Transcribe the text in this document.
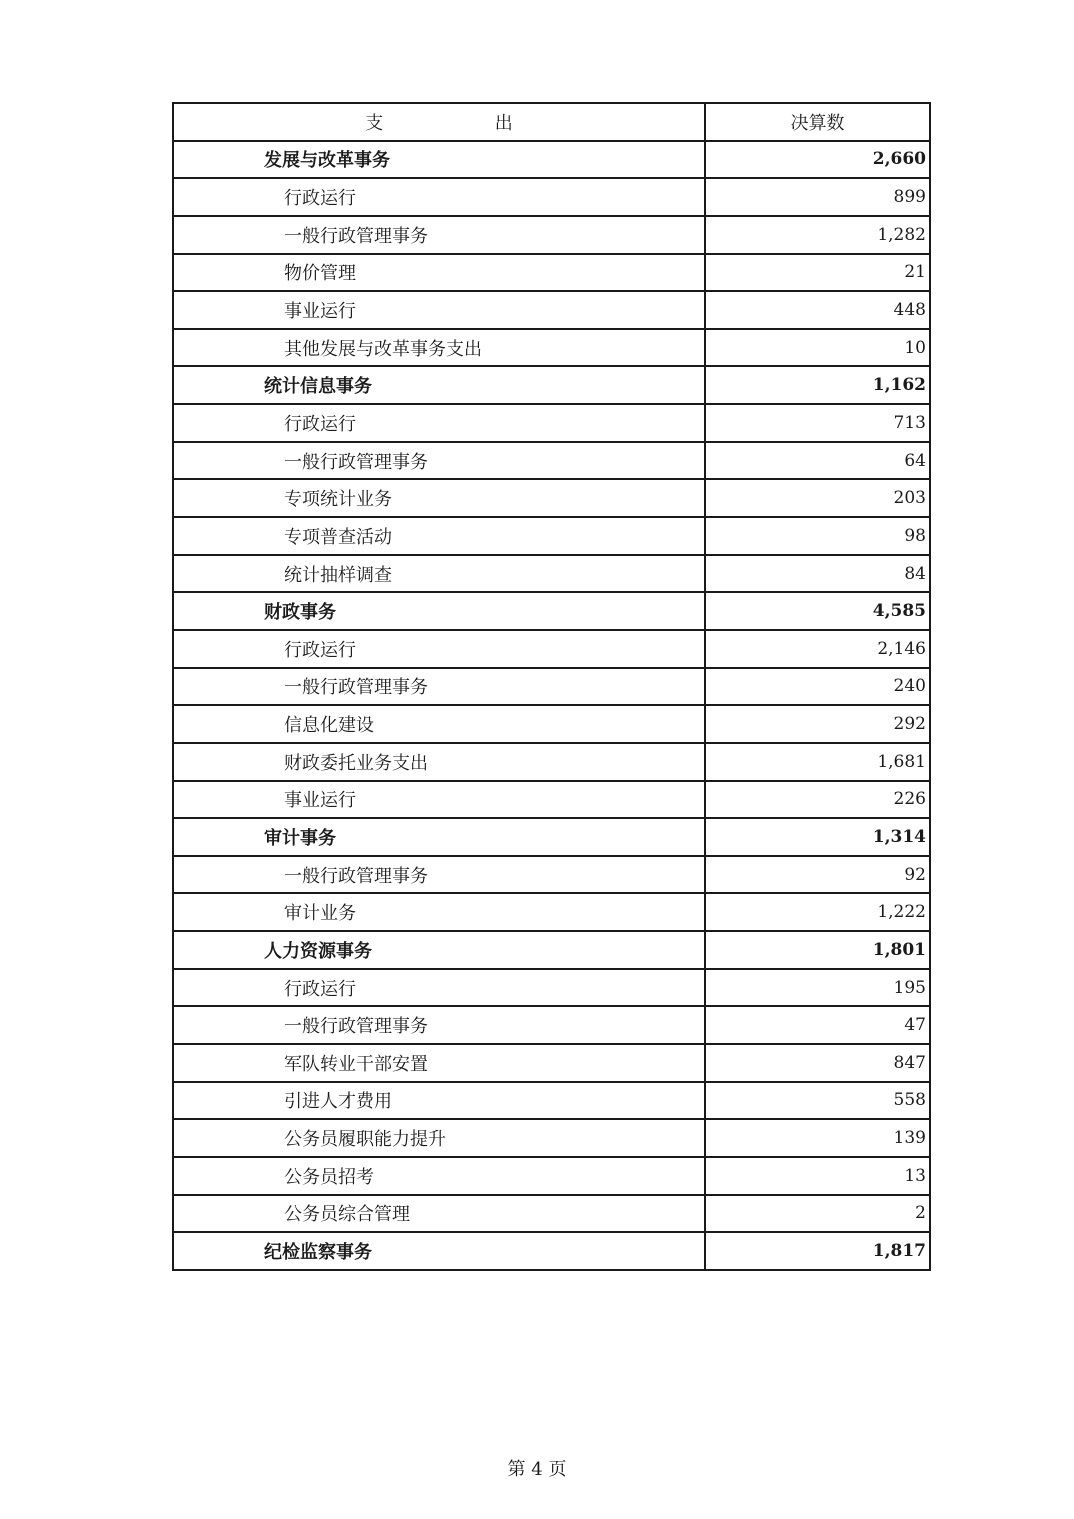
支　出	决算数
发展与改革事务	2,660
行政运行	899
一般行政管理事务	1,282
物价管理	21
事业运行	448
其他发展与改革事务支出	10
统计信息事务	1,162
行政运行	713
一般行政管理事务	64
专项统计业务	203
专项普查活动	98
统计抽样调查	84
财政事务	4,585
行政运行	2,146
一般行政管理事务	240
信息化建设	292
财政委托业务支出	1,681
事业运行	226
审计事务	1,314
一般行政管理事务	92
审计业务	1,222
人力资源事务	1,801
行政运行	195
一般行政管理事务	47
军队转业干部安置	847
引进人才费用	558
公务员履职能力提升	139
公务员招考	13
公务员综合管理	2
纪检监察事务	1,817
第 4 页
